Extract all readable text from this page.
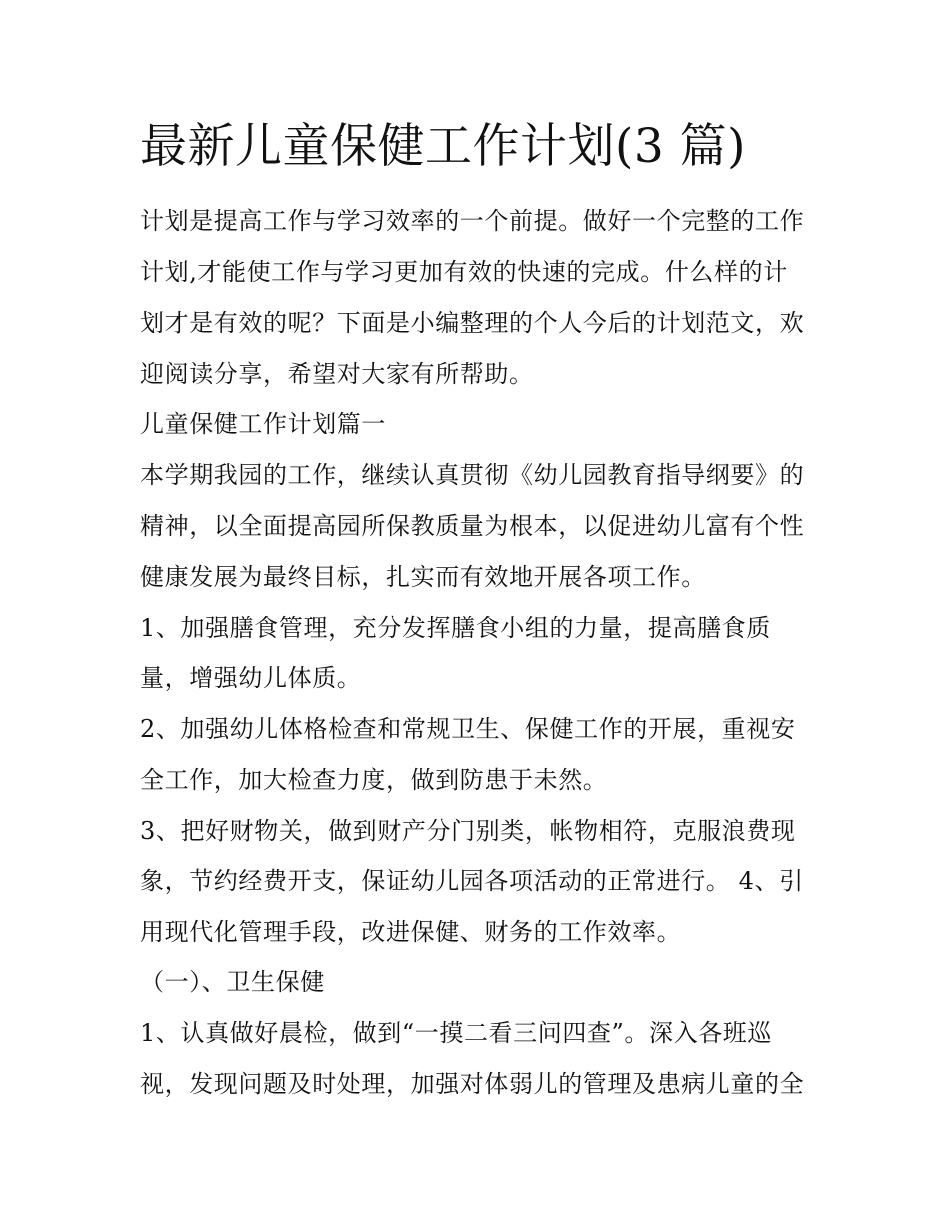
最新儿童保健工作计划(3 篇)

计划是提高工作与学习效率的一个前提。做好一个完整的工作

计划,才能使工作与学习更加有效的快速的完成。什么样的计

划才是有效的呢？下面是小编整理的个人今后的计划范文，欢

迎阅读分享，希望对大家有所帮助。

儿童保健工作计划篇一

本学期我园的工作，继续认真贯彻《幼儿园教育指导纲要》的

精神，以全面提高园所保教质量为根本，以促进幼儿富有个性

健康发展为最终目标，扎实而有效地开展各项工作。

1、加强膳食管理，充分发挥膳食小组的力量，提高膳食质

量，增强幼儿体质。

2、加强幼儿体格检查和常规卫生、保健工作的开展，重视安

全工作，加大检查力度，做到防患于未然。

3、把好财物关，做到财产分门别类，帐物相符，克服浪费现

象，节约经费开支，保证幼儿园各项活动的正常进行。 4、引

用现代化管理手段，改进保健、财务的工作效率。

（一）、卫生保健

1、认真做好晨检，做到“一摸二看三问四查”。深入各班巡

视，发现问题及时处理，加强对体弱儿的管理及患病儿童的全
